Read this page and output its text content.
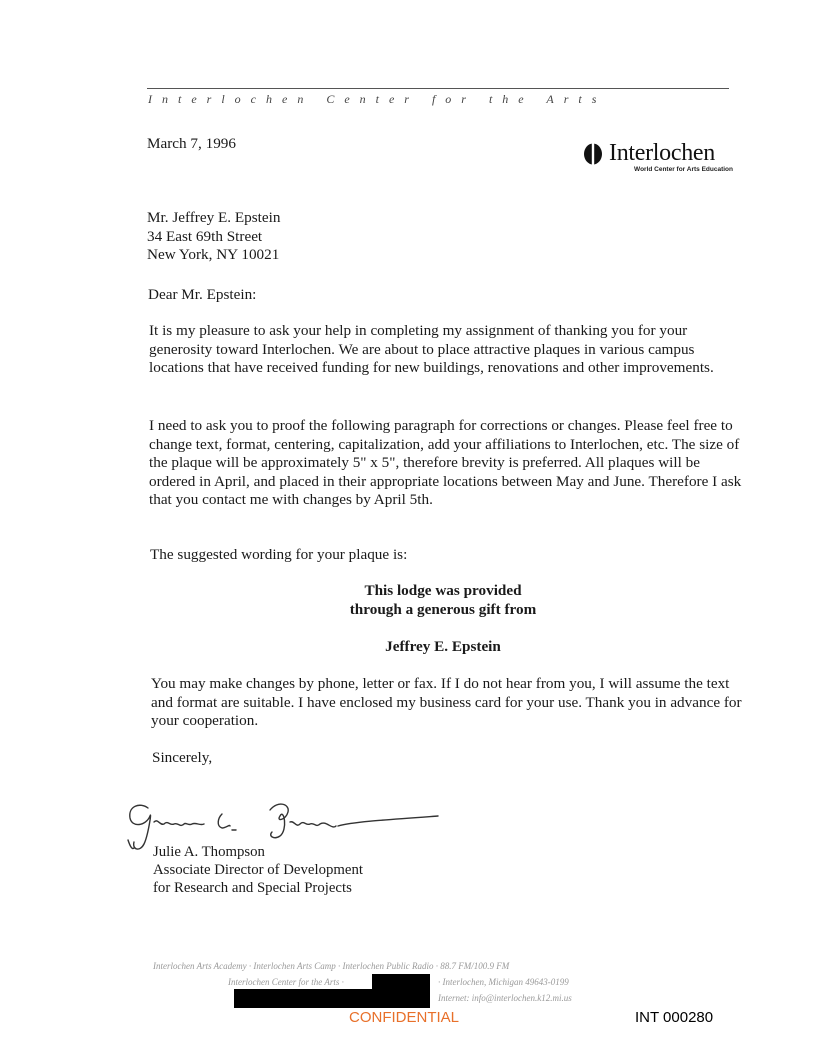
Interlochen Center for the Arts
March 7, 1996	Interlochen
World Center for Arts Education
Mr. Jeffrey E. Epstein
34 East 69th Street
New York, NY 10021
Dear Mr. Epstein:
It is my pleasure to ask your help in completing my assignment of thanking you for your generosity toward Interlochen. We are about to place attractive plaques in various campus locations that have received funding for new buildings, renovations and other improvements.
I need to ask you to proof the following paragraph for corrections or changes. Please feel free to change text, format, centering, capitalization, add your affiliations to Interlochen, etc. The size of the plaque will be approximately 5" x 5", therefore brevity is preferred. All plaques will be ordered in April, and placed in their appropriate locations between May and June. Therefore I ask that you contact me with changes by April 5th.
The suggested wording for your plaque is:
This lodge was provided
through a generous gift from
Jeffrey E. Epstein
You may make changes by phone, letter or fax. If I do not hear from you, I will assume the text and format are suitable. I have enclosed my business card for your use. Thank you in advance for your cooperation.
Sincerely,
Julie A. Thompson
Associate Director of Development
for Research and Special Projects
Interlochen Arts Academy · Interlochen Arts Camp · Interlochen Public Radio · 88.7 FM/100.9 FM
Interlochen Center for the Arts ·	· Interlochen, Michigan 49643-0199
Internet: info@interlochen.k12.mi.us
CONFIDENTIAL	INT 000280
